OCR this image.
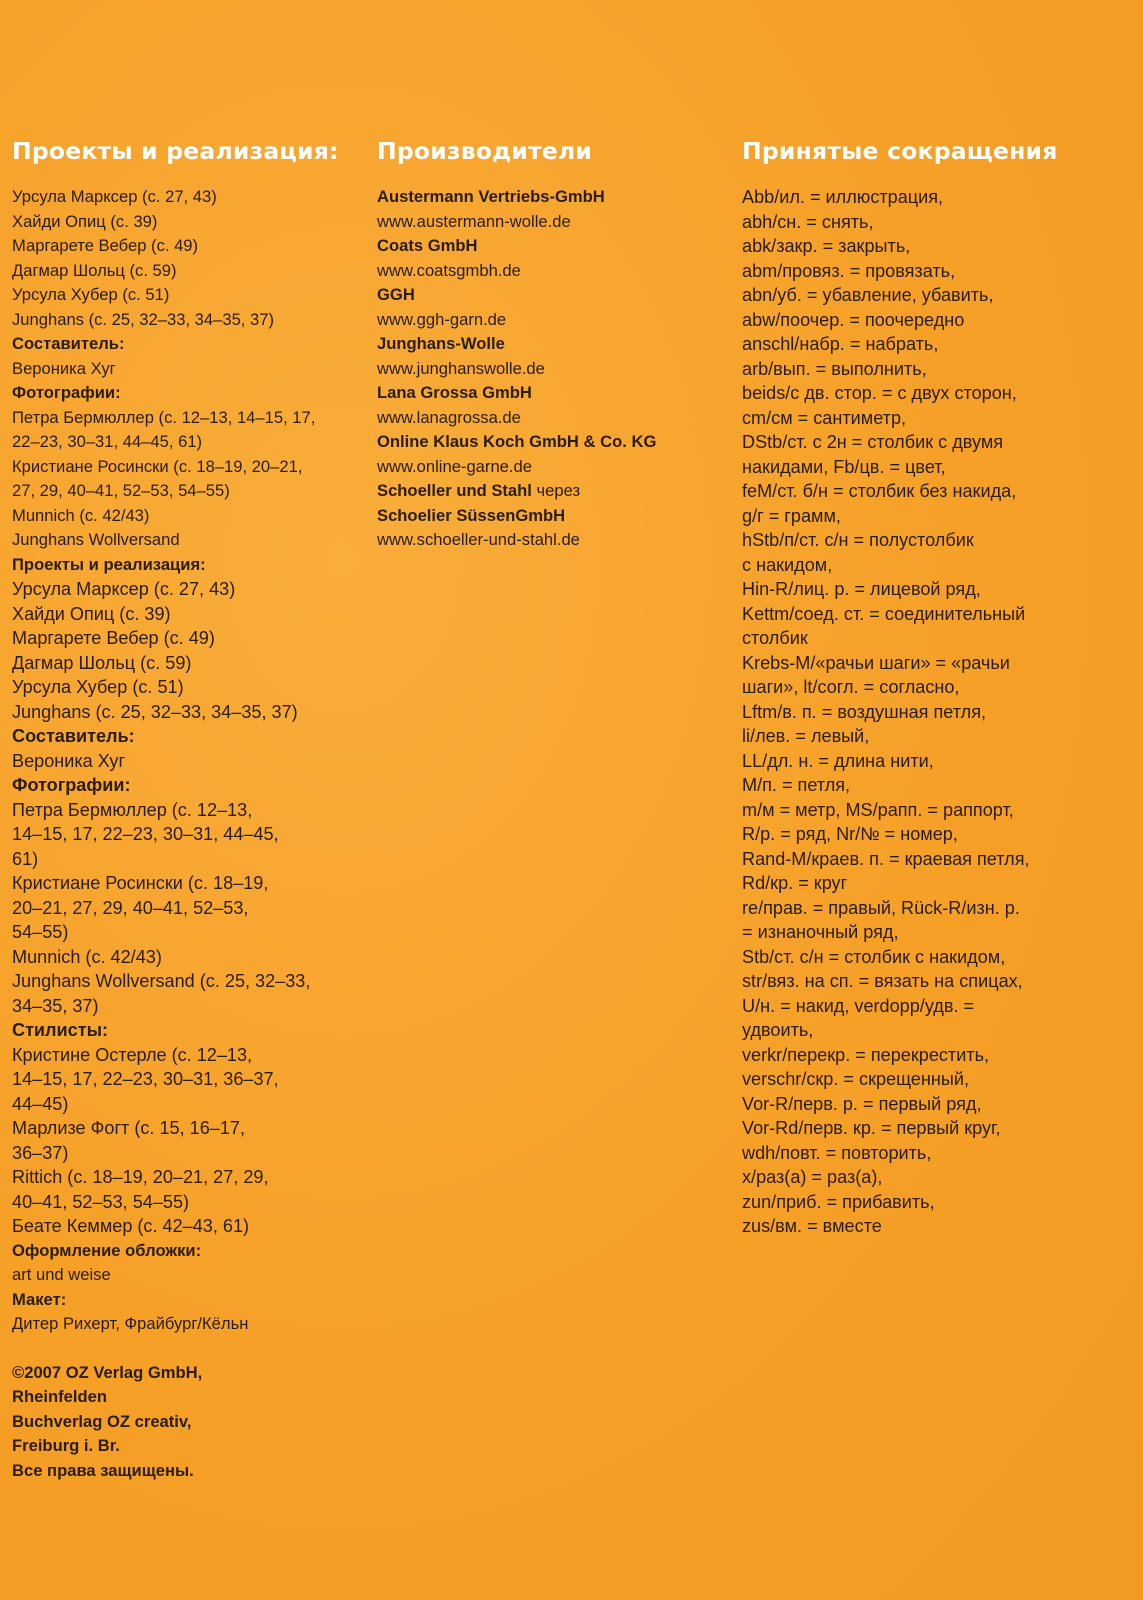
Проекты и реализация:
Урсула Марксер (с. 27, 43)
Хайди Опиц (с. 39)
Маргарете Вебер (с. 49)
Дагмар Шольц (с. 59)
Урсула Хубер (с. 51)
Junghans (с. 25, 32–33, 34–35, 37)
Составитель:
Вероника Хуг
Фотографии:
Петра Бермюллер (с. 12–13, 14–15, 17,
22–23, 30–31, 44–45, 61)
Кристиане Росински (с. 18–19, 20–21,
27, 29, 40–41, 52–53, 54–55)
Munnich (с. 42/43)
Junghans Wollversand
Проекты и реализация:
Урсула Марксер (с. 27, 43)
Хайди Опиц (с. 39)
Маргарете Вебер (с. 49)
Дагмар Шольц (с. 59)
Урсула Хубер (с. 51)
Junghans (с. 25, 32–33, 34–35, 37)
Составитель:
Вероника Хуг
Фотографии:
Петра Бермюллер (с. 12–13,
14–15, 17, 22–23, 30–31, 44–45,
61)
Кристиане Росински (с. 18–19,
20–21, 27, 29, 40–41, 52–53,
54–55)
Munnich (с. 42/43)
Junghans Wollversand (с. 25, 32–33,
34–35, 37)
Стилисты:
Кристине Остерле (с. 12–13,
14–15, 17, 22–23, 30–31, 36–37,
44–45)
Марлизе Фогт (с. 15, 16–17,
36–37)
Rittich (с. 18–19, 20–21, 27, 29,
40–41, 52–53, 54–55)
Беате Кеммер (с. 42–43, 61)
Оформление обложки:
art und weise
Макет:
Дитер Рихерт, Фрайбург/Кёльн
©2007 OZ Verlag GmbH,
Rheinfelden
Buchverlag OZ creativ,
Freiburg i. Br.
Все права защищены.
Производители
Austermann Vertriebs-GmbH
www.austermann-wolle.de
Coats GmbH
www.coatsgmbh.de
GGH
www.ggh-garn.de
Junghans-Wolle
www.junghanswolle.de
Lana Grossa GmbH
www.lanagrossa.de
Online Klaus Koch GmbH & Co. KG
www.online-garne.de
Schoeller und Stahl через
Schoelier SüssenGmbH
www.schoeller-und-stahl.de
Принятые сокращения
Abb/ил. = иллюстрация,
abh/сн. = снять,
abk/закр. = закрыть,
abm/провяз. = провязать,
abn/уб. = убавление, убавить,
abw/поочер. = поочередно
anschl/набр. = набрать,
arb/вып. = выполнить,
beids/с дв. стор. = с двух сторон,
cm/см = сантиметр,
DStb/ст. с 2н = столбик с двумя
накидами, Fb/цв. = цвет,
feM/ст. б/н = столбик без накида,
g/г = грамм,
hStb/п/ст. с/н = полустолбик
с накидом,
Hin-R/лиц. р. = лицевой ряд,
Kettm/соед. ст. = соединительный
столбик
Krebs-M/«рачьи шаги» = «рачьи
шаги», lt/согл. = согласно,
Lftm/в. п. = воздушная петля,
li/лев. = левый,
LL/дл. н. = длина нити,
M/п. = петля,
m/м = метр, MS/рапп. = раппорт,
R/р. = ряд, Nr/№ = номер,
Rand-M/краев. п. = краевая петля,
Rd/кр. = круг
re/прав. = правый, Rück-R/изн. р.
= изнаночный ряд,
Stb/ст. с/н = столбик с накидом,
str/вяз. на сп. = вязать на спицах,
U/н. = накид, verdopp/удв. =
удвоить,
verkr/перекр. = перекрестить,
verschr/скр. = скрещенный,
Vor-R/перв. р. = первый ряд,
Vor-Rd/перв. кр. = первый круг,
wdh/повт. = повторить,
x/раз(а) = раз(а),
zun/приб. = прибавить,
zus/вм. = вместе
